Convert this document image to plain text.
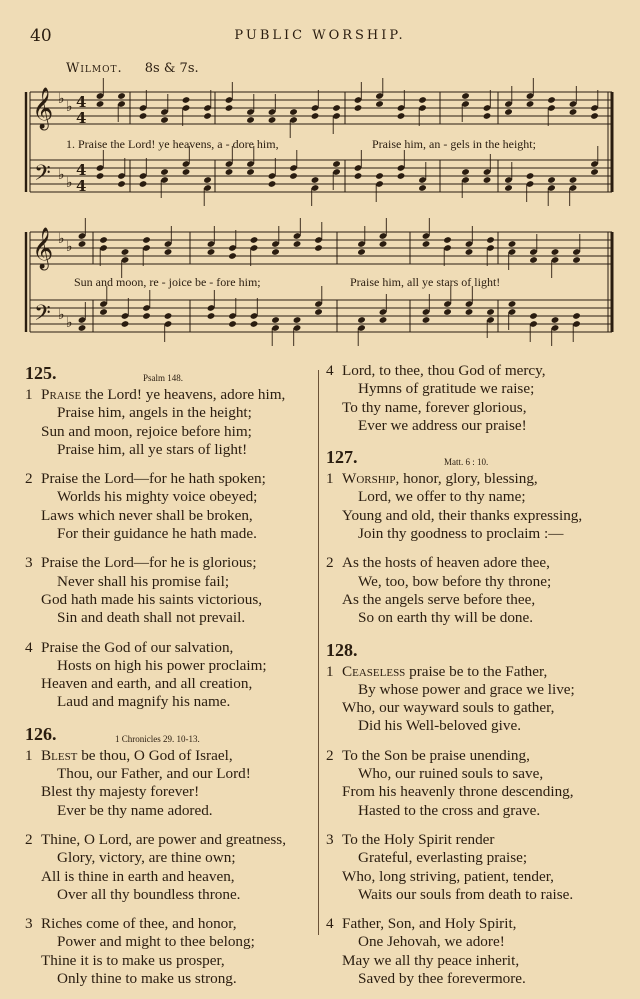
40	PUBLIC WORSHIP.
Wilmot. 8s & 7s.
𝄞
𝄢
♭ ♭
♭ ♭
4
4
4
4
𝄞
𝄢
♭ ♭
♭ ♭
1. Praise the Lord! ye heavens, a - dore him,	Praise him, an - gels in the height;
Sun and moon, re - joice be - fore him;	Praise him, all ye stars of light!
125.	Psalm 148.
1 Praise the Lord! ye heavens, adore him,
Praise him, angels in the height;
Sun and moon, rejoice before him;
Praise him, all ye stars of light!
2 Praise the Lord—for he hath spoken;
Worlds his mighty voice obeyed;
Laws which never shall be broken,
For their guidance he hath made.
3 Praise the Lord—for he is glorious;
Never shall his promise fail;
God hath made his saints victorious,
Sin and death shall not prevail.
4 Praise the God of our salvation,
Hosts on high his power proclaim;
Heaven and earth, and all creation,
Laud and magnify his name.
126.	1 Chronicles 29. 10-13.
1 Blest be thou, O God of Israel,
Thou, our Father, and our Lord!
Blest thy majesty forever!
Ever be thy name adored.
2 Thine, O Lord, are power and greatness,
Glory, victory, are thine own;
All is thine in earth and heaven,
Over all thy boundless throne.
3 Riches come of thee, and honor,
Power and might to thee belong;
Thine it is to make us prosper,
Only thine to make us strong.
4 Lord, to thee, thou God of mercy,
Hymns of gratitude we raise;
To thy name, forever glorious,
Ever we address our praise!
127.	Matt. 6 : 10.
1 Worship, honor, glory, blessing,
Lord, we offer to thy name;
Young and old, their thanks expressing,
Join thy goodness to proclaim :—
2 As the hosts of heaven adore thee,
We, too, bow before thy throne;
As the angels serve before thee,
So on earth thy will be done.
128.
1 Ceaseless praise be to the Father,
By whose power and grace we live;
Who, our wayward souls to gather,
Did his Well-beloved give.
2 To the Son be praise unending,
Who, our ruined souls to save,
From his heavenly throne descending,
Hasted to the cross and grave.
3 To the Holy Spirit render
Grateful, everlasting praise;
Who, long striving, patient, tender,
Waits our souls from death to raise.
4 Father, Son, and Holy Spirit,
One Jehovah, we adore!
May we all thy peace inherit,
Saved by thee forevermore.
